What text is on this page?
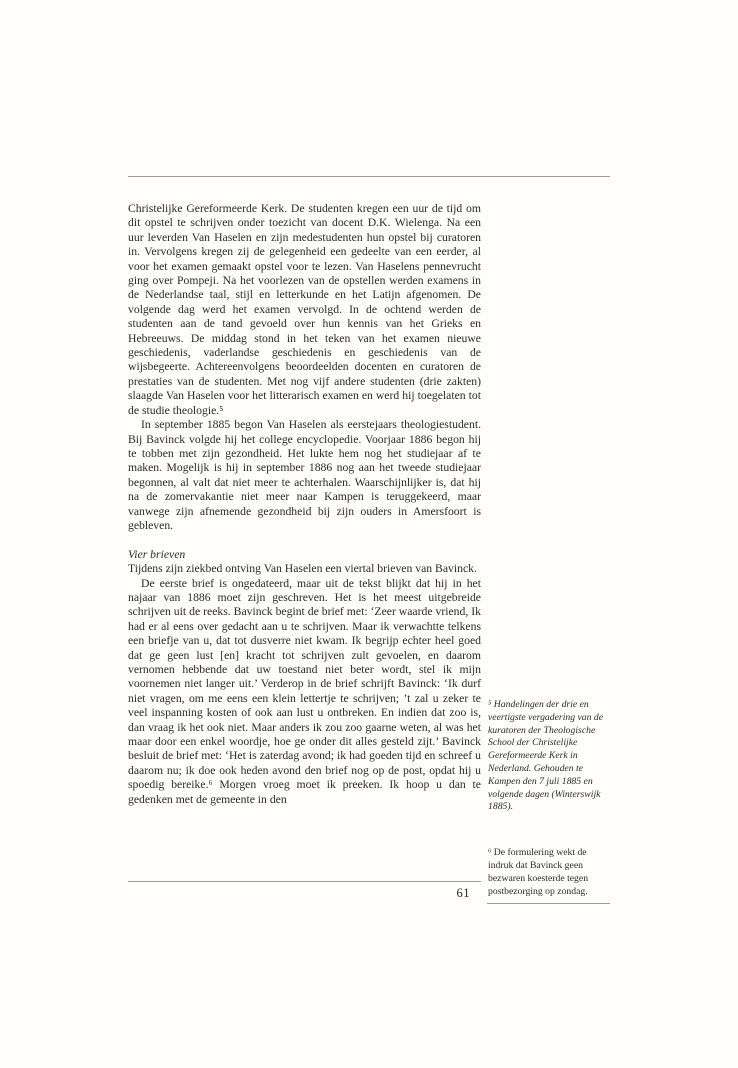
Christelijke Gereformeerde Kerk. De studenten kregen een uur de tijd om dit opstel te schrijven onder toezicht van docent D.K. Wielenga. Na een uur leverden Van Haselen en zijn medestudenten hun opstel bij curatoren in. Vervolgens kregen zij de gelegenheid een gedeelte van een eerder, al voor het examen gemaakt opstel voor te lezen. Van Haselens pennevrucht ging over Pompeji. Na het voorlezen van de opstellen werden examens in de Nederlandse taal, stijl en letterkunde en het Latijn afgenomen. De volgende dag werd het examen vervolgd. In de ochtend werden de studenten aan de tand gevoeld over hun kennis van het Grieks en Hebreeuws. De middag stond in het teken van het examen nieuwe geschiedenis, vaderlandse geschiedenis en geschiedenis van de wijsbegeerte. Achtereenvolgens beoordeelden docenten en curatoren de prestaties van de studenten. Met nog vijf andere studenten (drie zakten) slaagde Van Haselen voor het litterarisch examen en werd hij toegelaten tot de studie theologie.⁵

In september 1885 begon Van Haselen als eerstejaars theologiestudent. Bij Bavinck volgde hij het college encyclopedie. Voorjaar 1886 begon hij te tobben met zijn gezondheid. Het lukte hem nog het studiejaar af te maken. Mogelijk is hij in september 1886 nog aan het tweede studiejaar begonnen, al valt dat niet meer te achterhalen. Waarschijnlijker is, dat hij na de zomervakantie niet meer naar Kampen is teruggekeerd, maar vanwege zijn afnemende gezondheid bij zijn ouders in Amersfoort is gebleven.

Vier brieven

Tijdens zijn ziekbed ontving Van Haselen een viertal brieven van Bavinck.

De eerste brief is ongedateerd, maar uit de tekst blijkt dat hij in het najaar van 1886 moet zijn geschreven. Het is het meest uitgebreide schrijven uit de reeks. Bavinck begint de brief met: ‘Zeer waarde vriend, Ik had er al eens over gedacht aan u te schrijven. Maar ik verwachtte telkens een briefje van u, dat tot dusverre niet kwam. Ik begrijp echter heel goed dat ge geen lust [en] kracht tot schrijven zult gevoelen, en daarom vernomen hebbende dat uw toestand niet beter wordt, stel ik mijn voornemen niet langer uit.’ Verderop in de brief schrijft Bavinck: ‘Ik durf niet vragen, om me eens een klein lettertje te schrijven; ’t zal u zeker te veel inspanning kosten of ook aan lust u ontbreken. En indien dat zoo is, dan vraag ik het ook niet. Maar anders ik zou zoo gaarne weten, al was het maar door een enkel woordje, hoe ge onder dit alles gesteld zijt.’ Bavinck besluit de brief met: ‘Het is zaterdag avond; ik had goeden tijd en schreef u daarom nu; ik doe ook heden avond den brief nog op de post, opdat hij u spoedig bereike.⁶ Morgen vroeg moet ik preeken. Ik hoop u dan te gedenken met de gemeente in den

⁵ Handelingen der drie en veertigste vergadering van de kuratoren der Theologische School der Christelijke Gereformeerde Kerk in Nederland. Gehouden te Kampen den 7 juli 1885 en volgende dagen (Winterswijk 1885).

⁶ De formulering wekt de indruk dat Bavinck geen bezwaren koesterde tegen postbezorging op zondag.

61
